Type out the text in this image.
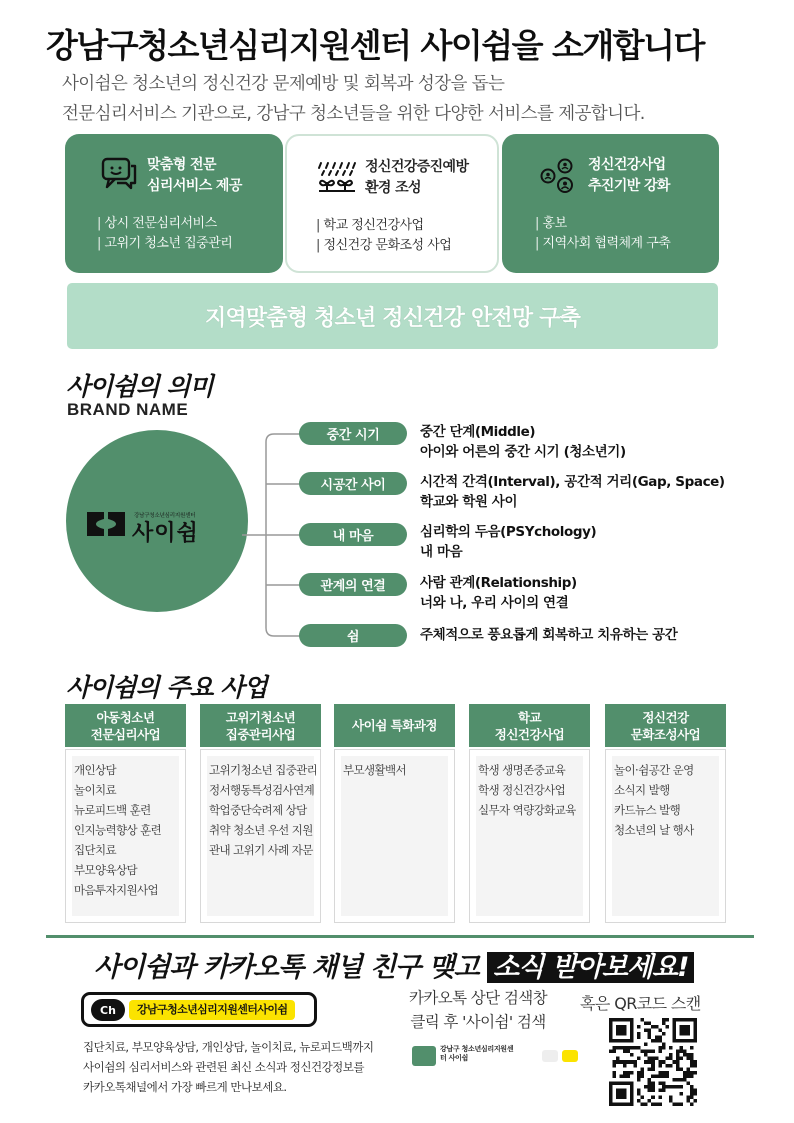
강남구청소년심리지원센터 사이쉼을 소개합니다
사이쉼은 청소년의 정신건강 문제예방 및 회복과 성장을 돕는
전문심리서비스 기관으로, 강남구 청소년들을 위한 다양한 서비스를 제공합니다.
맞춤형 전문
심리서비스 제공
| 상시 전문심리서비스
| 고위기 청소년 집중관리
정신건강증진예방
환경 조성
| 학교 정신건강사업
| 정신건강 문화조성 사업
정신건강사업
추진기반 강화
| 홍보
| 지역사회 협력체계 구축
지역맞춤형 청소년 정신건강 안전망 구축
사이쉼의 의미
BRAND NAME
강남구청소년심리지원센터
사이쉼
중간 시기	중간 단계(Middle)
아이와 어른의 중간 시기 (청소년기)
시공간 사이	시간적 간격(Interval), 공간적 거리(Gap, Space)
학교와 학원 사이
내 마음	심리학의 두음(PSYchology)
내 마음
관계의 연결	사람 관계(Relationship)
너와 나, 우리 사이의 연결
쉼	주체적으로 풍요롭게 회복하고 치유하는 공간
사이쉼의 주요 사업
아동청소년
전문심리사업
개인상담
놀이치료
뉴로피드백 훈련
인지능력향상 훈련
집단치료
부모양육상담
마음투자지원사업
고위기청소년
집중관리사업
고위기청소년 집중관리
정서행동특성검사연계
학업중단숙려제 상담
취약 청소년 우선 지원
관내 고위기 사례 자문
사이쉼 특화과정
부모생활백서
학교
정신건강사업
학생 생명존중교육
학생 정신건강사업
실무자 역량강화교육
정신건강
문화조성사업
놀이·쉼공간 운영
소식지 발행
카드뉴스 발행
청소년의 날 행사
사이쉼과 카카오톡 채널 친구 맺고 소식 받아보세요!
Ch	강남구청소년심리지원센터사이쉼
집단치료, 부모양육상담, 개인상담, 놀이치료, 뉴로피드백까지
사이쉼의 심리서비스와 관련된 최신 소식과 정신건강정보를
카카오톡채널에서 가장 빠르게 만나보세요.
카카오톡 상단 검색창
클릭 후 '사이쉼' 검색
강남구 청소년심리지원센
터 사이쉼
혹은 QR코드 스캔
